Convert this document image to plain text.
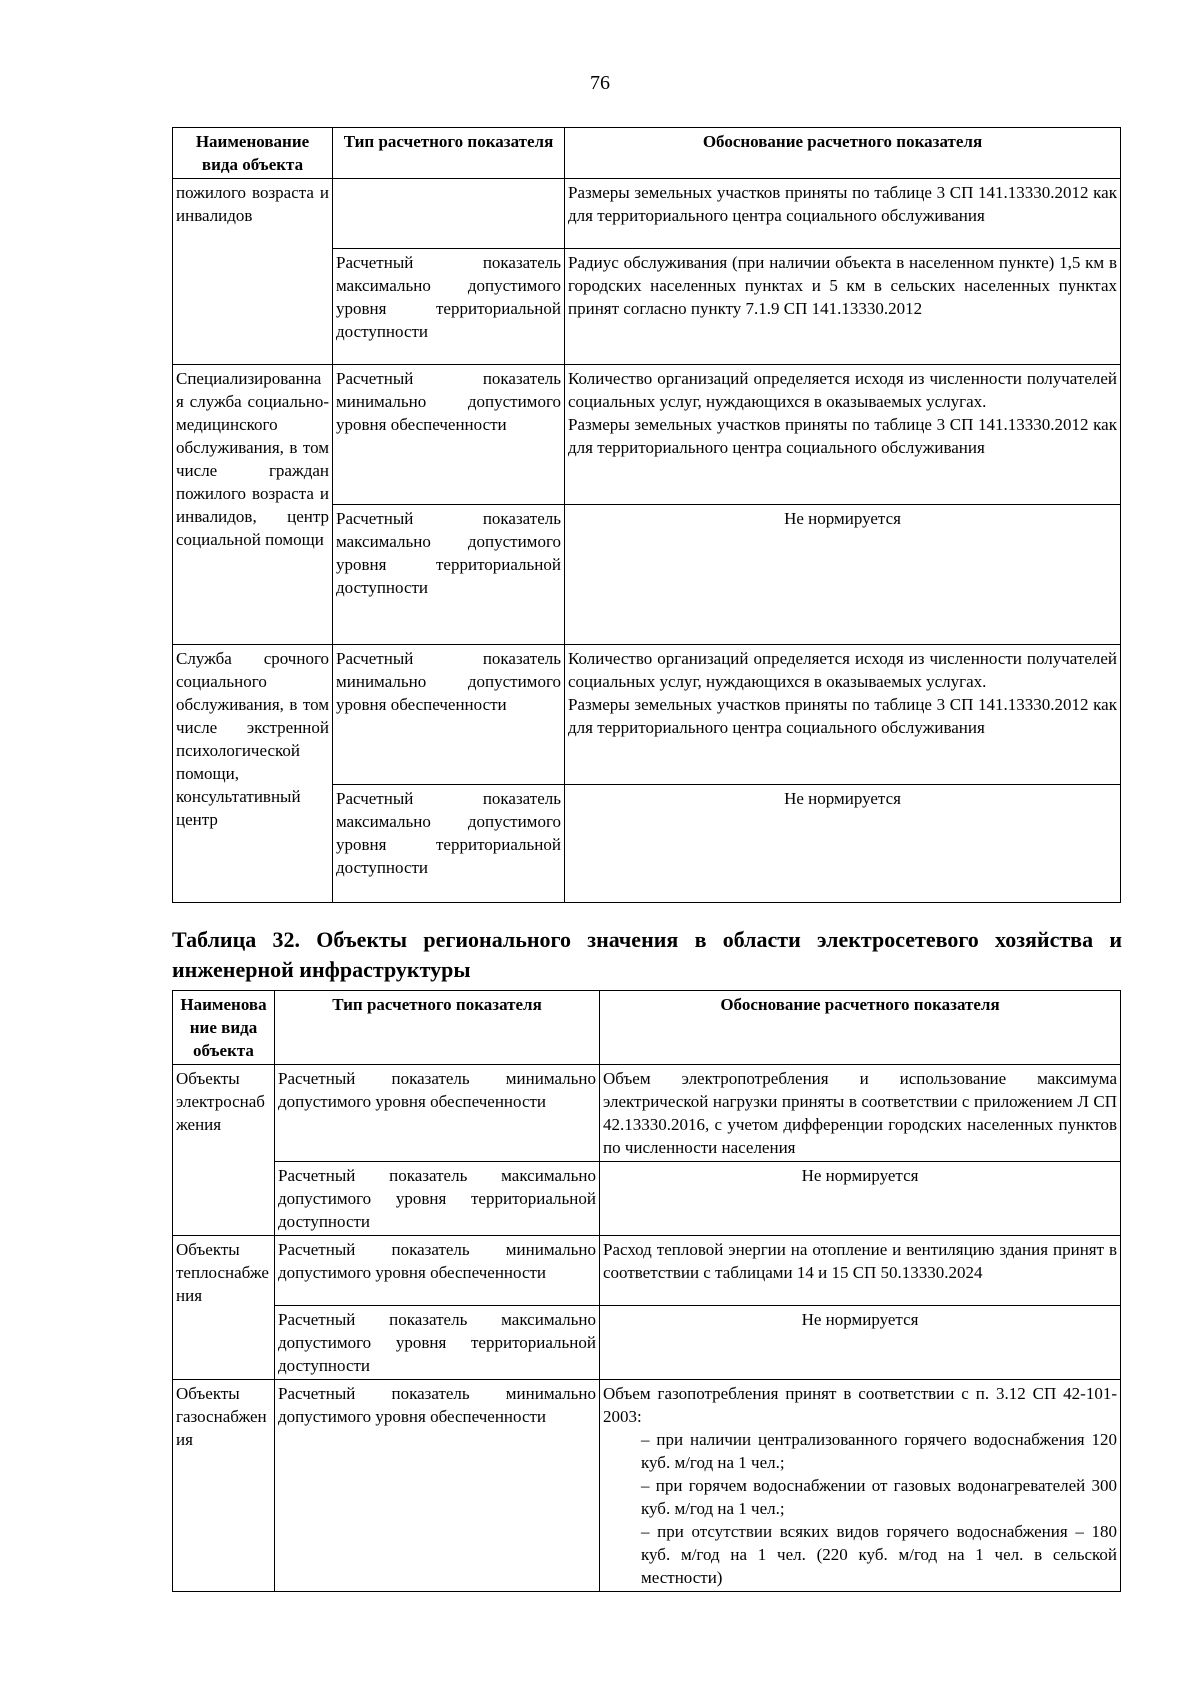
76
Наименование вида объекта	Тип расчетного показателя	Обоснование расчетного показателя
пожилого возраста и инвалидов		Размеры земельных участков приняты по таблице 3 СП 141.13330.2012 как для территориального центра социального обслуживания
	Расчетный показатель максимально допустимого уровня территориальной доступности	Радиус обслуживания (при наличии объекта в населенном пункте) 1,5 км в городских населенных пунктах и 5 км в сельских населенных пунктах принят согласно пункту 7.1.9 СП 141.13330.2012
Специализированная служба социально-медицинского обслуживания, в том числе граждан пожилого возраста и инвалидов, центр социальной помощи	Расчетный показатель минимально допустимого уровня обеспеченности	Количество организаций определяется исходя из численности получателей социальных услуг, нуждающихся в оказываемых услугах.
Размеры земельных участков приняты по таблице 3 СП 141.13330.2012 как для территориального центра социального обслуживания

	Расчетный показатель максимально допустимого уровня территориальной доступности	Не нормируется
Служба срочного социального обслуживания, в том числе экстренной психологической помощи, консультативный центр	Расчетный показатель минимально допустимого уровня обеспеченности	Количество организаций определяется исходя из численности получателей социальных услуг, нуждающихся в оказываемых услугах.
Размеры земельных участков приняты по таблице 3 СП 141.13330.2012 как для территориального центра социального обслуживания

	Расчетный показатель максимально допустимого уровня территориальной доступности	Не нормируется
Таблица 32. Объекты регионального значения в области электросетевого хозяйства и инженерной инфраструктуры
Наименование вида объекта	Тип расчетного показателя	Обоснование расчетного показателя
Объекты электроснабжения	Расчетный показатель минимально допустимого уровня обеспеченности	Объем электропотребления и использование максимума электрической нагрузки приняты в соответствии с приложением Л СП 42.13330.2016, с учетом дифференции городских населенных пунктов по численности населения
	Расчетный показатель максимально допустимого уровня территориальной доступности	Не нормируется
Объекты теплоснабжения	Расчетный показатель минимально допустимого уровня обеспеченности	Расход тепловой энергии на отопление и вентиляцию здания принят в соответствии с таблицами 14 и 15 СП 50.13330.2024
	Расчетный показатель максимально допустимого уровня территориальной доступности	Не нормируется
Объекты газоснабжения	Расчетный показатель минимально допустимого уровня обеспеченности	Объем газопотребления принят в соответствии с п. 3.12 СП 42-101-2003:
– при наличии централизованного горячего водоснабжения 120 куб. м/год на 1 чел.;
– при горячем водоснабжении от газовых водонагревателей 300 куб. м/год на 1 чел.;
– при отсутствии всяких видов горячего водоснабжения – 180 куб. м/год на 1 чел. (220 куб. м/год на 1 чел. в сельской местности)
